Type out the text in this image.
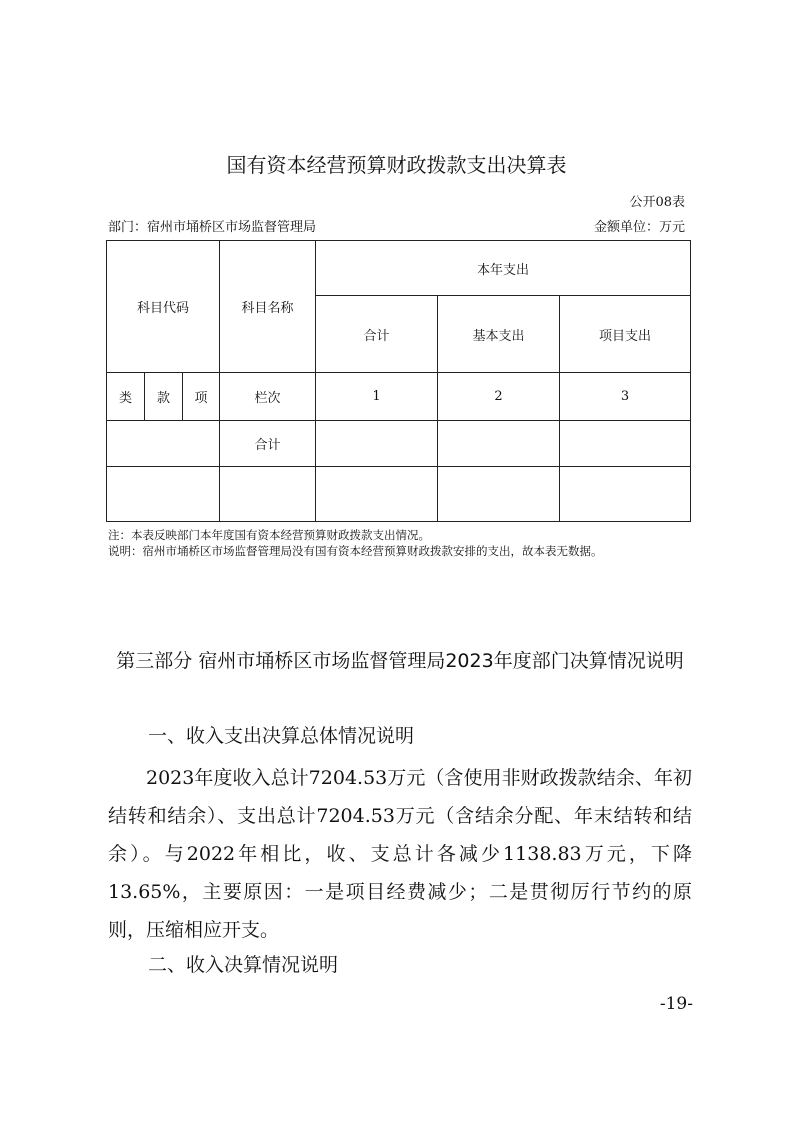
国有资本经营预算财政拨款支出决算表
公开08表
部门：宿州市埇桥区市场监督管理局	金额单位：万元
科目代码			科目名称	本年支出		
				合计	基本支出	项目支出
类	款	项	栏次	1	2	3
			合计			

注：本表反映部门本年度国有资本经营预算财政拨款支出情况。
说明：宿州市埇桥区市场监督管理局没有国有资本经营预算财政拨款安排的支出，故本表无数据。
第三部分 宿州市埇桥区市场监督管理局2023年度部门决算情况说明
一、收入支出决算总体情况说明
2023年度收入总计7204.53万元（含使用非财政拨款结余、年初结转和结余）、支出总计7204.53万元（含结余分配、年末结转和结余）。与2022年相比，收、支总计各减少1138.83万元，下降13.65%，主要原因：一是项目经费减少；二是贯彻厉行节约的原则，压缩相应开支。
二、收入决算情况说明
-19-
